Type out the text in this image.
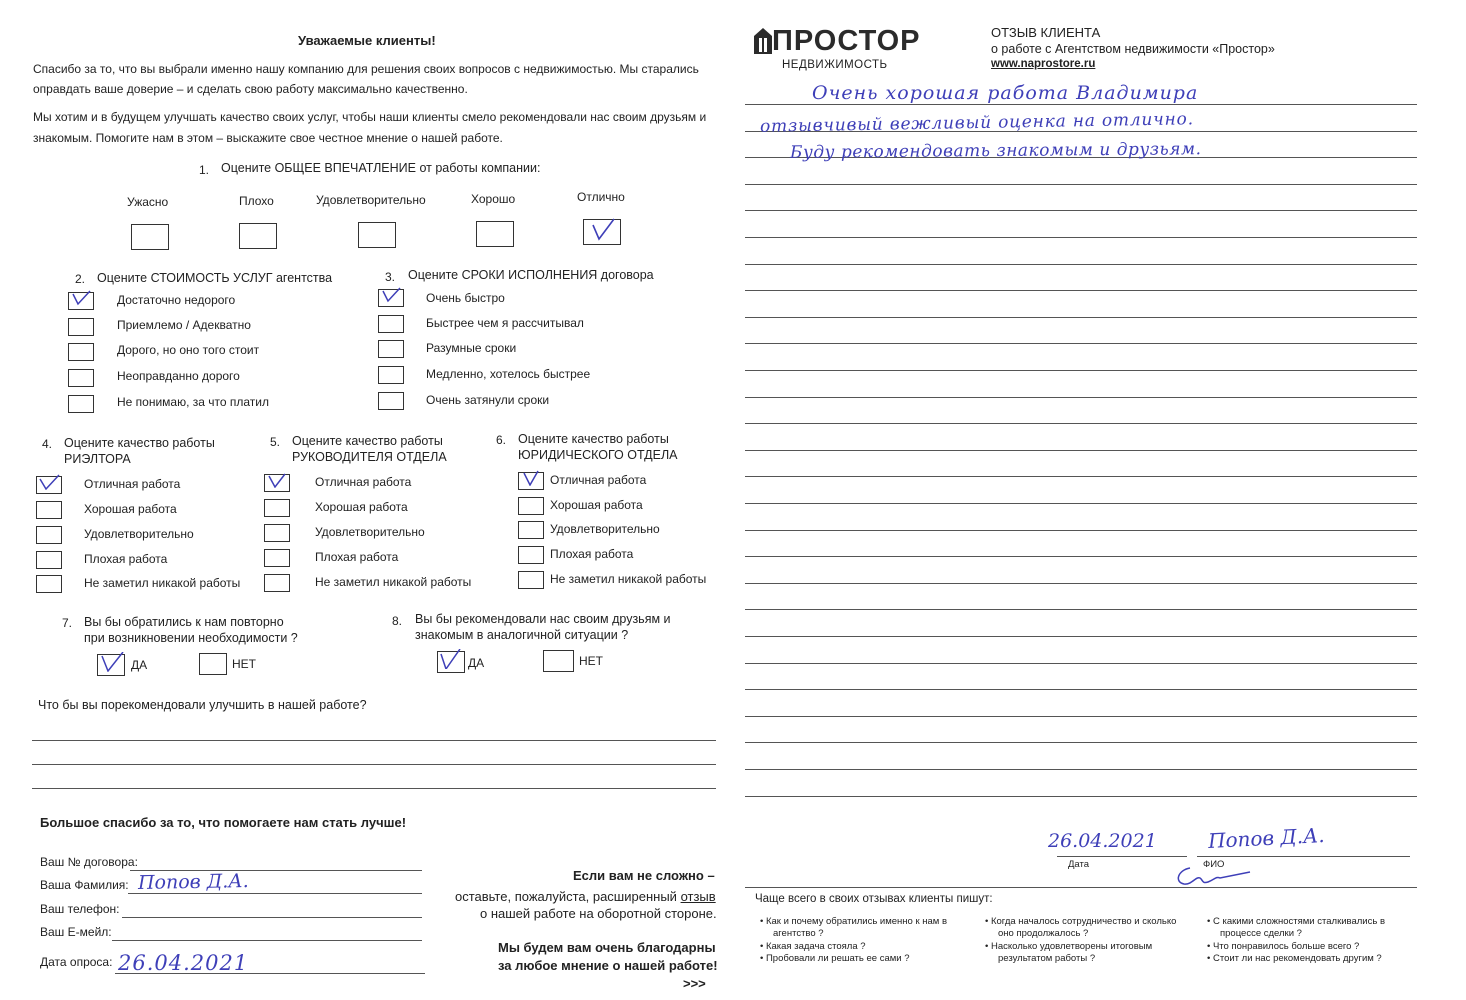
Уважаемые клиенты!
Спасибо за то, что вы выбрали именно нашу компанию для решения своих вопросов с недвижимостью. Мы старались
оправдать ваше доверие – и сделать свою работу максимально качественно.
Мы хотим и в будущем улучшать качество своих услуг, чтобы наши клиенты смело рекомендовали нас своим друзьям и
знакомым. Помогите нам в этом – выскажите свое честное мнение о нашей работе.
1. Оцените ОБЩЕЕ ВПЕЧАТЛЕНИЕ от работы компании:
Ужасно	Плохо	Удовлетворительно	Хорошо	Отлично
2. Оцените СТОИМОСТЬ УСЛУГ агентства
Достаточно недорого
Приемлемо / Адекватно
Дорого, но оно того стоит
Неоправданно дорого
Не понимаю, за что платил
3. Оцените СРОКИ ИСПОЛНЕНИЯ договора
Очень быстро
Быстрее чем я рассчитывал
Разумные сроки
Медленно, хотелось быстрее
Очень затянули сроки
4. Оцените качество работы
РИЭЛТОРА
Отличная работа
Хорошая работа
Удовлетворительно
Плохая работа
Не заметил никакой работы
5. Оцените качество работы
РУКОВОДИТЕЛЯ ОТДЕЛА
Отличная работа
Хорошая работа
Удовлетворительно
Плохая работа
Не заметил никакой работы
6. Оцените качество работы
ЮРИДИЧЕСКОГО ОТДЕЛА
Отличная работа
Хорошая работа
Удовлетворительно
Плохая работа
Не заметил никакой работы
7. Вы бы обратились к нам повторно
при возникновении необходимости ?
ДА	НЕТ
8. Вы бы рекомендовали нас своим друзьям и
знакомым в аналогичной ситуации ?
ДА	НЕТ
Что бы вы порекомендовали улучшить в нашей работе?
Большое спасибо за то, что помогаете нам стать лучше!
Ваш № договора:
Ваша Фамилия: Попов Д.А.
Ваш телефон:
Ваш Е-мейл:
Дата опроса: 26.04.2021
Если вам не сложно –
оставьте, пожалуйста, расширенный отзыв
о нашей работе на оборотной стороне.
Мы будем вам очень благодарны
за любое мнение о нашей работе!
>>>
ПРОСТОР
НЕДВИЖИМОСТЬ
ОТЗЫВ КЛИЕНТА
о работе с Агентством недвижимости «Простор»
www.naprostore.ru
Очень хорошая работа Владимира
отзывчивый вежливый оценка на отлично.
Буду рекомендовать знакомым и друзьям.
26.04.2021	Попов Д.А.
Дата	ФИО
Чаще всего в своих отзывах клиенты пишут:
• Как и почему обратились именно к нам в
агентство ?
• Какая задача стояла ?
• Пробовали ли решать ее сами ?
• Когда началось сотрудничество и сколько
оно продолжалось ?
• Насколько удовлетворены итоговым
результатом работы ?
• С какими сложностями сталкивались в
процессе сделки ?
• Что понравилось больше всего ?
• Стоит ли нас рекомендовать другим ?
